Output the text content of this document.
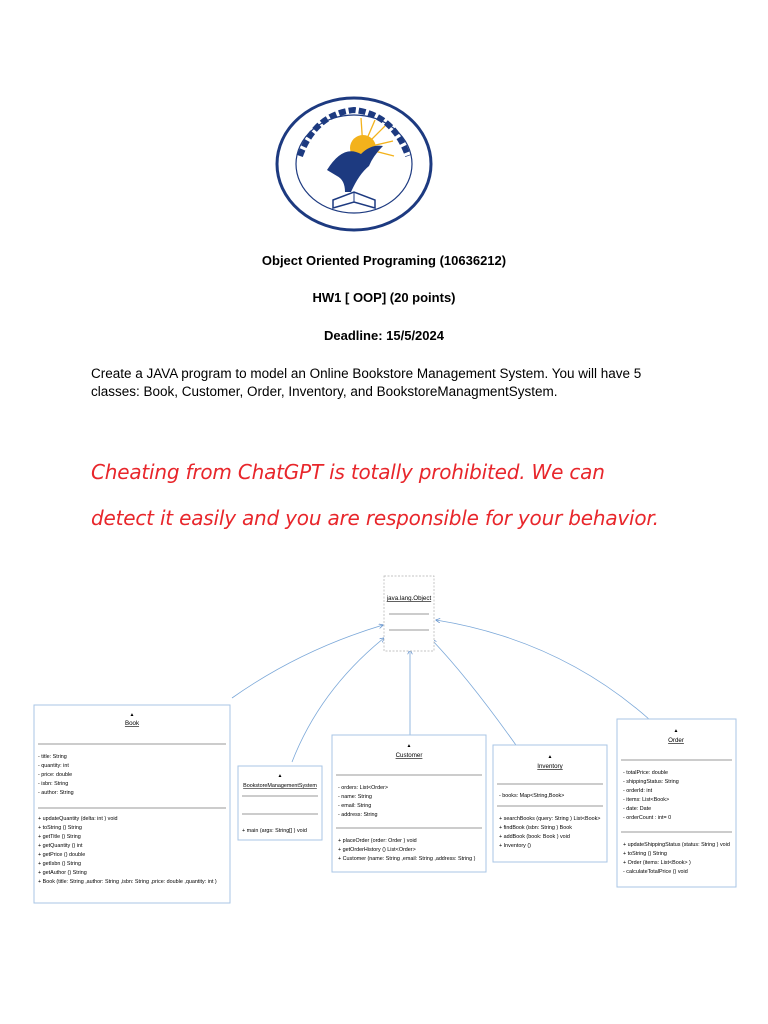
Object Oriented Programing (10636212)
HW1 [ OOP] (20 points)
Deadline: 15/5/2024
Create a JAVA program to model an Online Bookstore Management System. You will have 5 classes: Book, Customer, Order, Inventory, and BookstoreManagmentSystem.
Cheating from ChatGPT is totally prohibited. We can
detect it easily and you are responsible for your behavior.
java.lang.Object
▲
Book
- title: String
- quantity: int
- price: double
- isbn: String
- author: String
+ updateQuantity (delta: int ) void
+ toString () String
+ getTitle () String
+ getQuantity () int
+ getPrice () double
+ getIsbn () String
+ getAuthor () String
+ Book (title: String ,author: String ,isbn: String ,price: double ,quantity: int )
▲
BookstoreManagementSystem
+ main (args: String[] ) void
▲
Customer
- orders: List<Order>
- name: String
- email: String
- address: String
+ placeOrder (order: Order ) void
+ getOrderHistory () List<Order>
+ Customer (name: String ,email: String ,address: String )
▲
Inventory
- books: Map<String,Book>
+ searchBooks (query: String ) List<Book>
+ findBook (isbn: String ) Book
+ addBook (book: Book ) void
+ Inventory ()
▲
Order
- totalPrice: double
- shippingStatus: String
- orderId: int
- items: List<Book>
- date: Date
- orderCount : int= 0
+ updateShippingStatus (status: String ) void
+ toString () String
+ Order (items: List<Book> )
- calculateTotalPrice () void
